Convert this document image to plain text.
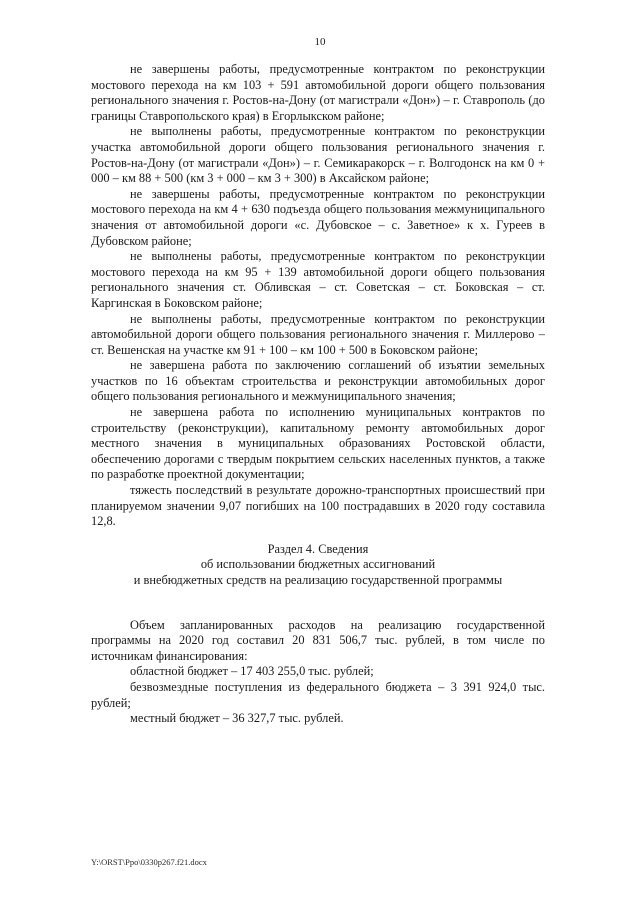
10

не завершены работы, предусмотренные контрактом по реконструкции мостового перехода на км 103 + 591 автомобильной дороги общего пользования регионального значения г. Ростов-на-Дону (от магистрали «Дон») – г. Ставрополь (до границы Ставропольского края) в Егорлыкском районе;

не выполнены работы, предусмотренные контрактом по реконструкции участка автомобильной дороги общего пользования регионального значения г. Ростов-на-Дону (от магистрали «Дон») – г. Семикаракорск – г. Волгодонск на км 0 + 000 – км 88 + 500 (км 3 + 000 – км 3 + 300) в Аксайском районе;

не завершены работы, предусмотренные контрактом по реконструкции мостового перехода на км 4 + 630 подъезда общего пользования межмуниципального значения от автомобильной дороги «с. Дубовское – с. Заветное» к х. Гуреев в Дубовском районе;

не выполнены работы, предусмотренные контрактом по реконструкции мостового перехода на км 95 + 139 автомобильной дороги общего пользования регионального значения ст. Обливская – ст. Советская – ст. Боковская – ст. Каргинская в Боковском районе;

не выполнены работы, предусмотренные контрактом по реконструкции автомобильной дороги общего пользования регионального значения г. Миллерово – ст. Вешенская на участке км 91 + 100 – км 100 + 500 в Боковском районе;

не завершена работа по заключению соглашений об изъятии земельных участков по 16 объектам строительства и реконструкции автомобильных дорог общего пользования регионального и межмуниципального значения;

не завершена работа по исполнению муниципальных контрактов по строительству (реконструкции), капитальному ремонту автомобильных дорог местного значения в муниципальных образованиях Ростовской области, обеспечению дорогами с твердым покрытием сельских населенных пунктов, а также по разработке проектной документации;

тяжесть последствий в результате дорожно-транспортных происшествий при планируемом значении 9,07 погибших на 100 пострадавших в 2020 году составила 12,8.

Раздел 4. Сведения

об использовании бюджетных ассигнований

и внебюджетных средств на реализацию государственной программы

Объем запланированных расходов на реализацию государственной программы на 2020 год составил 20 831 506,7 тыс. рублей, в том числе по источникам финансирования:

областной бюджет – 17 403 255,0 тыс. рублей;

безвозмездные поступления из федерального бюджета – 3 391 924,0 тыс. рублей;

местный бюджет – 36 327,7 тыс. рублей.

Y:\ORST\Ppo\0330p267.f21.docx
